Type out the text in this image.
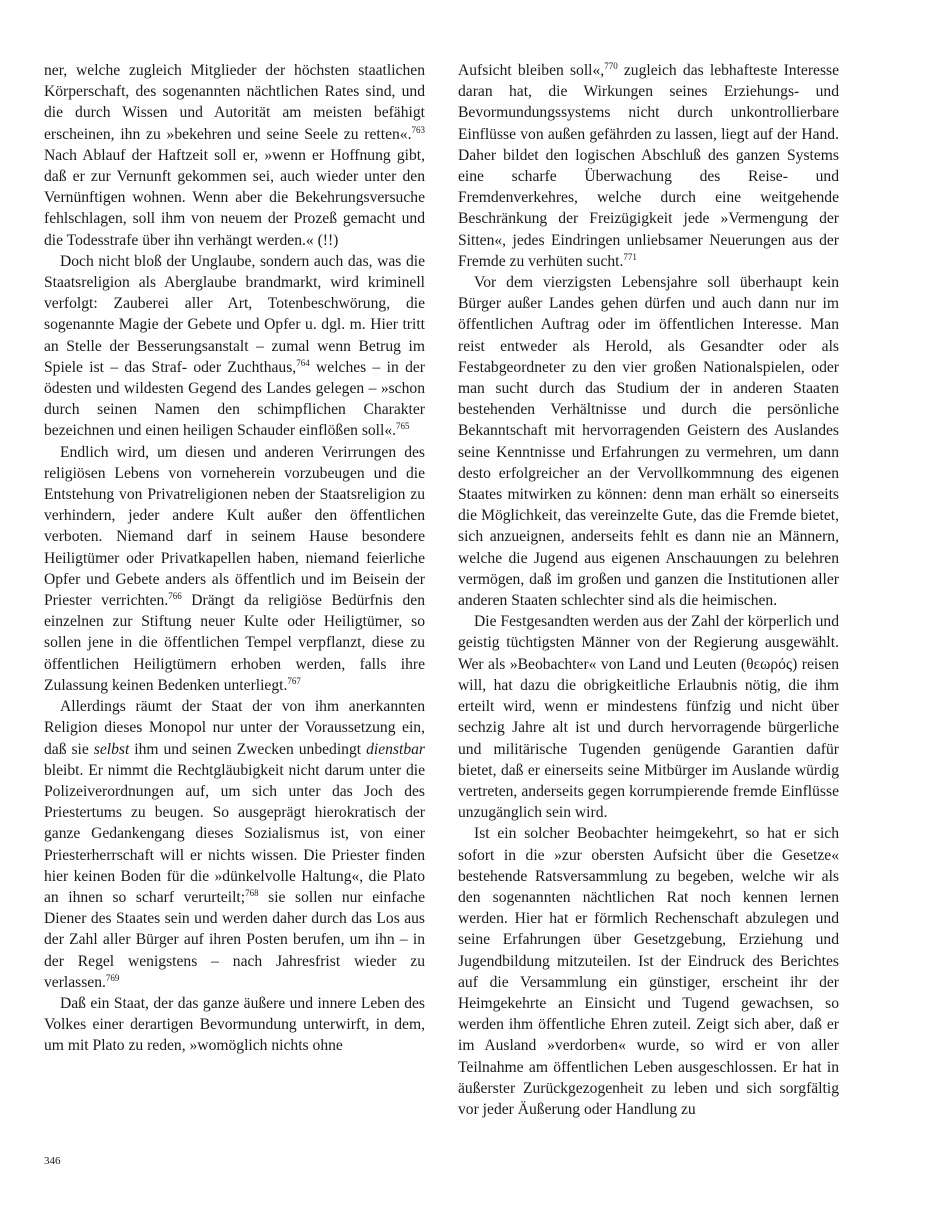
ner, welche zugleich Mitglieder der höchsten staatlichen Körperschaft, des sogenannten nächtlichen Rates sind, und die durch Wissen und Autorität am meisten befähigt erscheinen, ihn zu »bekehren und seine Seele zu retten«.$^{763}$ Nach Ablauf der Haftzeit soll er, »wenn er Hoffnung gibt, daß er zur Vernunft gekommen sei, auch wieder unter den Vernünftigen wohnen. Wenn aber die Bekehrungsversuche fehlschlagen, soll ihm von neuem der Prozeß gemacht und die Todesstrafe über ihn verhängt werden.« (!!)

Doch nicht bloß der Unglaube, sondern auch das, was die Staatsreligion als Aberglaube brandmarkt, wird kriminell verfolgt: Zauberei aller Art, Totenbeschwörung, die sogenannte Magie der Gebete und Opfer u. dgl. m. Hier tritt an Stelle der Besserungsanstalt – zumal wenn Betrug im Spiele ist – das Straf- oder Zuchthaus,$^{764}$ welches – in der ödesten und wildesten Gegend des Landes gelegen – »schon durch seinen Namen den schimpflichen Charakter bezeichnen und einen heiligen Schauder einflößen soll«.$^{765}$

Endlich wird, um diesen und anderen Verirrungen des religiösen Lebens von vorneherein vorzubeugen und die Entstehung von Privatreligionen neben der Staatsreligion zu verhindern, jeder andere Kult außer den öffentlichen verboten. Niemand darf in seinem Hause besondere Heiligtümer oder Privatkapellen haben, niemand feierliche Opfer und Gebete anders als öffentlich und im Beisein der Priester verrichten.$^{766}$ Drängt da religiöse Bedürfnis den einzelnen zur Stiftung neuer Kulte oder Heiligtümer, so sollen jene in die öffentlichen Tempel verpflanzt, diese zu öffentlichen Heiligtümern erhoben werden, falls ihre Zulassung keinen Bedenken unterliegt.$^{767}$

Allerdings räumt der Staat der von ihm anerkannten Religion dieses Monopol nur unter der Voraussetzung ein, daß sie selbst ihm und seinen Zwecken unbedingt dienstbar bleibt. Er nimmt die Rechtgläubigkeit nicht darum unter die Polizeiverordnungen auf, um sich unter das Joch des Priestertums zu beugen. So ausgeprägt hierokratisch der ganze Gedankengang dieses Sozialismus ist, von einer Priesterherrschaft will er nichts wissen. Die Priester finden hier keinen Boden für die »dünkelvolle Haltung«, die Plato an ihnen so scharf verurteilt;$^{768}$ sie sollen nur einfache Diener des Staates sein und werden daher durch das Los aus der Zahl aller Bürger auf ihren Posten berufen, um ihn – in der Regel wenigstens – nach Jahresfrist wieder zu verlassen.$^{769}$

Daß ein Staat, der das ganze äußere und innere Leben des Volkes einer derartigen Bevormundung unterwirft, in dem, um mit Plato zu reden, »womöglich nichts ohne

Aufsicht bleiben soll«,$^{770}$ zugleich das lebhafteste Interesse daran hat, die Wirkungen seines Erziehungs- und Bevormundungssystems nicht durch unkontrollierbare Einflüsse von außen gefährden zu lassen, liegt auf der Hand. Daher bildet den logischen Abschluß des ganzen Systems eine scharfe Überwachung des Reise- und Fremdenverkehres, welche durch eine weitgehende Beschränkung der Freizügigkeit jede »Vermengung der Sitten«, jedes Eindringen unliebsamer Neuerungen aus der Fremde zu verhüten sucht.$^{771}$

Vor dem vierzigsten Lebensjahre soll überhaupt kein Bürger außer Landes gehen dürfen und auch dann nur im öffentlichen Auftrag oder im öffentlichen Interesse. Man reist entweder als Herold, als Gesandter oder als Festabgeordneter zu den vier großen Nationalspielen, oder man sucht durch das Studium der in anderen Staaten bestehenden Verhältnisse und durch die persönliche Bekanntschaft mit hervorragenden Geistern des Auslandes seine Kenntnisse und Erfahrungen zu vermehren, um dann desto erfolgreicher an der Vervollkommnung des eigenen Staates mitwirken zu können: denn man erhält so einerseits die Möglichkeit, das vereinzelte Gute, das die Fremde bietet, sich anzueignen, anderseits fehlt es dann nie an Männern, welche die Jugend aus eigenen Anschauungen zu belehren vermögen, daß im großen und ganzen die Institutionen aller anderen Staaten schlechter sind als die heimischen.

Die Festgesandten werden aus der Zahl der körperlich und geistig tüchtigsten Männer von der Regierung ausgewählt. Wer als »Beobachter« von Land und Leuten (θεωρός) reisen will, hat dazu die obrigkeitliche Erlaubnis nötig, die ihm erteilt wird, wenn er mindestens fünfzig und nicht über sechzig Jahre alt ist und durch hervorragende bürgerliche und militärische Tugenden genügende Garantien dafür bietet, daß er einerseits seine Mitbürger im Auslande würdig vertreten, anderseits gegen korrumpierende fremde Einflüsse unzugänglich sein wird.

Ist ein solcher Beobachter heimgekehrt, so hat er sich sofort in die »zur obersten Aufsicht über die Gesetze« bestehende Ratsversammlung zu begeben, welche wir als den sogenannten nächtlichen Rat noch kennen lernen werden. Hier hat er förmlich Rechenschaft abzulegen und seine Erfahrungen über Gesetzgebung, Erziehung und Jugendbildung mitzuteilen. Ist der Eindruck des Berichtes auf die Versammlung ein günstiger, erscheint ihr der Heimgekehrte an Einsicht und Tugend gewachsen, so werden ihm öffentliche Ehren zuteil. Zeigt sich aber, daß er im Ausland »verdorben« wurde, so wird er von aller Teilnahme am öffentlichen Leben ausgeschlossen. Er hat in äußerster Zurückgezogenheit zu leben und sich sorgfältig vor jeder Äußerung oder Handlung zu

346
